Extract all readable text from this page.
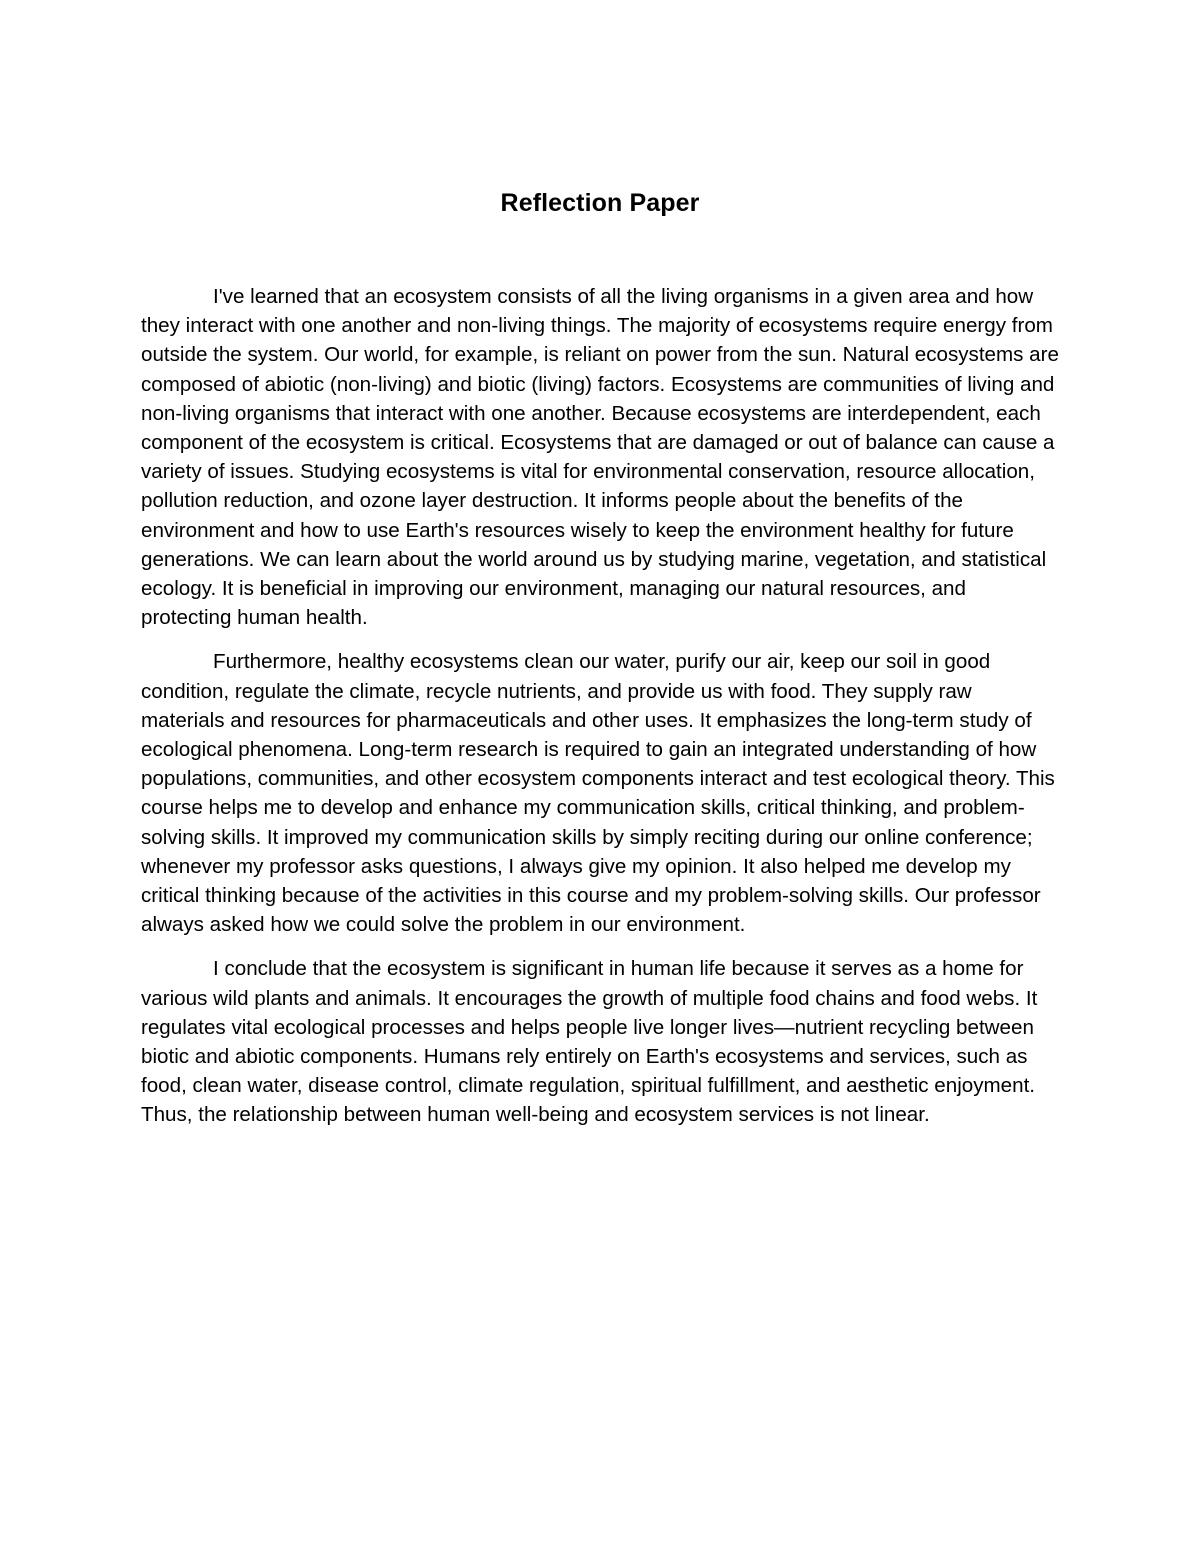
Reflection Paper

I've learned that an ecosystem consists of all the living organisms in a given area and how they interact with one another and non-living things. The majority of ecosystems require energy from outside the system. Our world, for example, is reliant on power from the sun. Natural ecosystems are composed of abiotic (non-living) and biotic (living) factors. Ecosystems are communities of living and non-living organisms that interact with one another. Because ecosystems are interdependent, each component of the ecosystem is critical. Ecosystems that are damaged or out of balance can cause a variety of issues. Studying ecosystems is vital for environmental conservation, resource allocation, pollution reduction, and ozone layer destruction. It informs people about the benefits of the environment and how to use Earth's resources wisely to keep the environment healthy for future generations. We can learn about the world around us by studying marine, vegetation, and statistical ecology. It is beneficial in improving our environment, managing our natural resources, and protecting human health.

Furthermore, healthy ecosystems clean our water, purify our air, keep our soil in good condition, regulate the climate, recycle nutrients, and provide us with food. They supply raw materials and resources for pharmaceuticals and other uses. It emphasizes the long-term study of ecological phenomena. Long-term research is required to gain an integrated understanding of how populations, communities, and other ecosystem components interact and test ecological theory. This course helps me to develop and enhance my communication skills, critical thinking, and problem-solving skills. It improved my communication skills by simply reciting during our online conference; whenever my professor asks questions, I always give my opinion. It also helped me develop my critical thinking because of the activities in this course and my problem-solving skills. Our professor always asked how we could solve the problem in our environment.

I conclude that the ecosystem is significant in human life because it serves as a home for various wild plants and animals. It encourages the growth of multiple food chains and food webs. It regulates vital ecological processes and helps people live longer lives—nutrient recycling between biotic and abiotic components. Humans rely entirely on Earth's ecosystems and services, such as food, clean water, disease control, climate regulation, spiritual fulfillment, and aesthetic enjoyment. Thus, the relationship between human well-being and ecosystem services is not linear.
